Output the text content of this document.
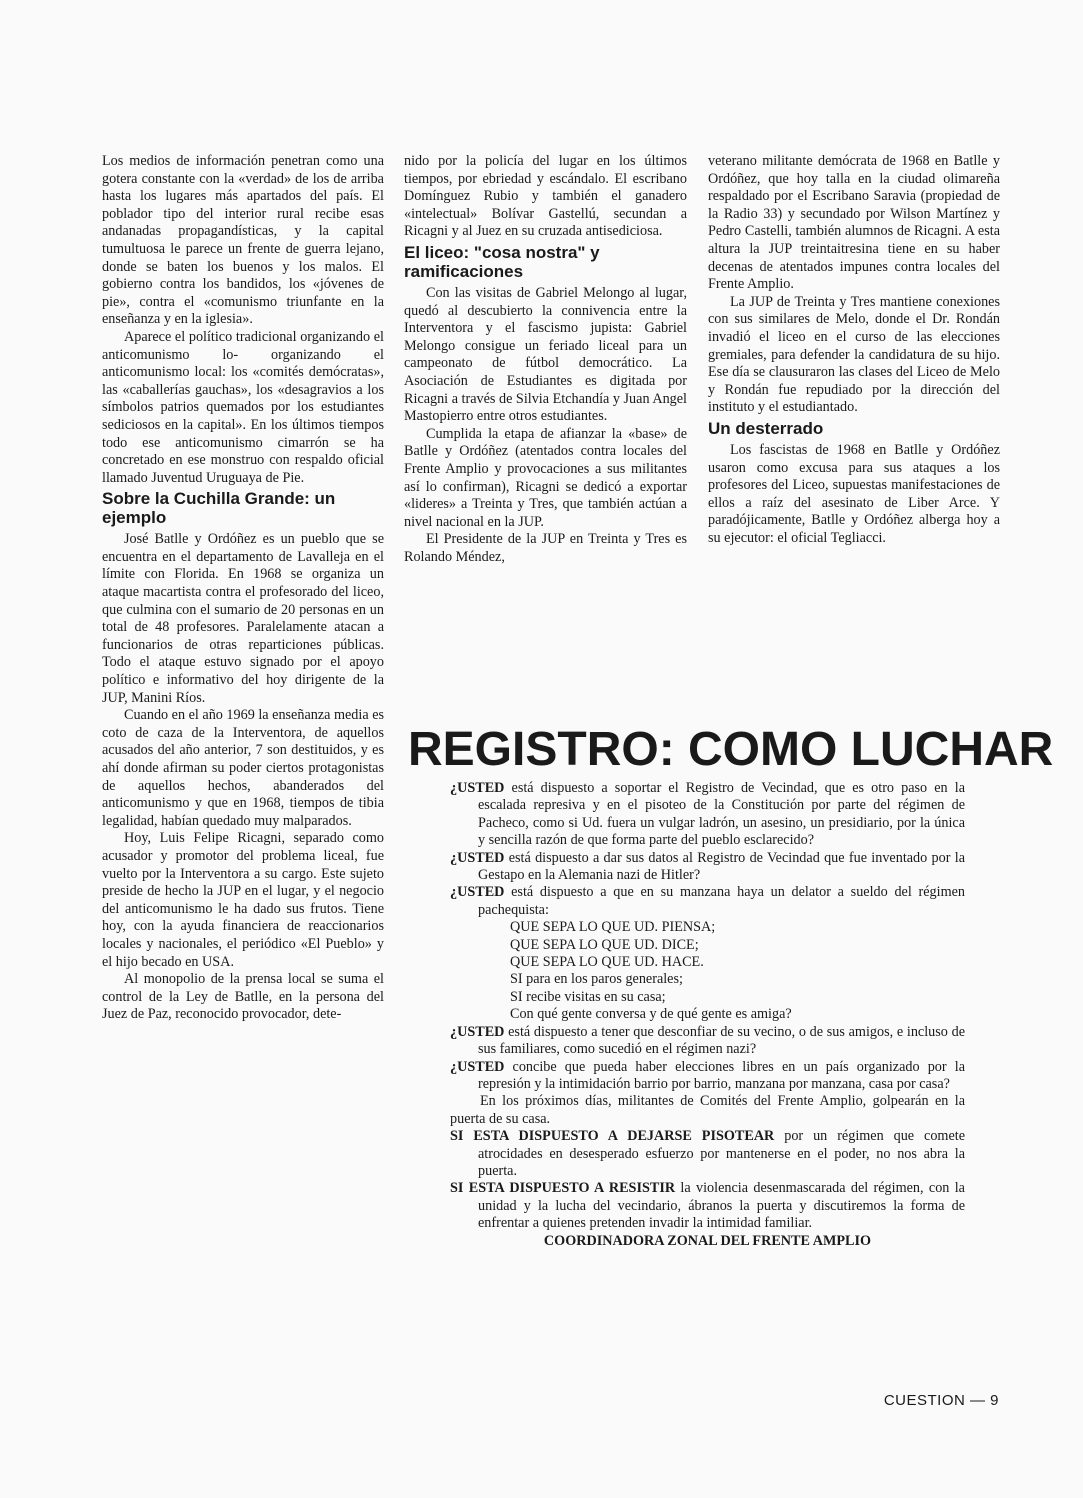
Los medios de información penetran como una gotera constante con la «verdad» de los de arriba hasta los lugares más apartados del país. El poblador tipo del interior rural recibe esas andanadas propagandísticas, y la capital tumultuosa le parece un frente de guerra lejano, donde se baten los buenos y los malos. El gobierno contra los bandidos, los «jóvenes de pie», contra el «comunismo triunfante en la enseñanza y en la iglesia».

Aparece el político tradicional organizando el anticomunismo lo- organizando el anticomunismo local: los «comités demócratas», las «caballerías gauchas», los «desagravios a los símbolos patrios quemados por los estudiantes sediciosos en la capital». En los últimos tiempos todo ese anticomunismo cimarrón se ha concretado en ese monstruo con respaldo oficial llamado Juventud Uruguaya de Pie.

Sobre la Cuchilla Grande: un ejemplo

José Batlle y Ordóñez es un pueblo que se encuentra en el departamento de Lavalleja en el límite con Florida. En 1968 se organiza un ataque macartista contra el profesorado del liceo, que culmina con el sumario de 20 personas en un total de 48 profesores. Paralelamente atacan a funcionarios de otras reparticiones públicas. Todo el ataque estuvo signado por el apoyo político e informativo del hoy dirigente de la JUP, Manini Ríos.

Cuando en el año 1969 la enseñanza media es coto de caza de la Interventora, de aquellos acusados del año anterior, 7 son destituidos, y es ahí donde afirman su poder ciertos protagonistas de aquellos hechos, abanderados del anticomunismo y que en 1968, tiempos de tibia legalidad, habían quedado muy malparados.

Hoy, Luis Felipe Ricagni, separado como acusador y promotor del problema liceal, fue vuelto por la Interventora a su cargo. Este sujeto preside de hecho la JUP en el lugar, y el negocio del anticomunismo le ha dado sus frutos. Tiene hoy, con la ayuda financiera de reaccionarios locales y nacionales, el periódico «El Pueblo» y el hijo becado en USA.

Al monopolio de la prensa local se suma el control de la Ley de Batlle, en la persona del Juez de Paz, reconocido provocador, dete-

nido por la policía del lugar en los últimos tiempos, por ebriedad y escándalo. El escribano Domínguez Rubio y también el ganadero «intelectual» Bolívar Gastellú, secundan a Ricagni y al Juez en su cruzada antisediciosa.

El liceo: "cosa nostra" y ramificaciones

Con las visitas de Gabriel Melongo al lugar, quedó al descubierto la connivencia entre la Interventora y el fascismo jupista: Gabriel Melongo consigue un feriado liceal para un campeonato de fútbol democrático. La Asociación de Estudiantes es digitada por Ricagni a través de Silvia Etchandía y Juan Angel Mastopierro entre otros estudiantes.

Cumplida la etapa de afianzar la «base» de Batlle y Ordóñez (atentados contra locales del Frente Amplio y provocaciones a sus militantes así lo confirman), Ricagni se dedicó a exportar «lideres» a Treinta y Tres, que también actúan a nivel nacional en la JUP.

El Presidente de la JUP en Treinta y Tres es Rolando Méndez,

veterano militante demócrata de 1968 en Batlle y Ordóñez, que hoy talla en la ciudad olimareña respaldado por el Escribano Saravia (propiedad de la Radio 33) y secundado por Wilson Martínez y Pedro Castelli, también alumnos de Ricagni. A esta altura la JUP treintaitresina tiene en su haber decenas de atentados impunes contra locales del Frente Amplio.

La JUP de Treinta y Tres mantiene conexiones con sus similares de Melo, donde el Dr. Rondán invadió el liceo en el curso de las elecciones gremiales, para defender la candidatura de su hijo. Ese día se clausuraron las clases del Liceo de Melo y Rondán fue repudiado por la dirección del instituto y el estudiantado.

Un desterrado

Los fascistas de 1968 en Batlle y Ordóñez usaron como excusa para sus ataques a los profesores del Liceo, supuestas manifestaciones de ellos a raíz del asesinato de Liber Arce. Y paradójicamente, Batlle y Ordóñez alberga hoy a su ejecutor: el oficial Tegliacci.

REGISTRO: COMO LUCHAR

¿USTED está dispuesto a soportar el Registro de Vecindad, que es otro paso en la escalada represiva y en el pisoteo de la Constitución por parte del régimen de Pacheco, como si Ud. fuera un vulgar ladrón, un asesino, un presidiario, por la única y sencilla razón de que forma parte del pueblo esclarecido?

¿USTED está dispuesto a dar sus datos al Registro de Vecindad que fue inventado por la Gestapo en la Alemania nazi de Hitler?

¿USTED está dispuesto a que en su manzana haya un delator a sueldo del régimen pachequista:

QUE SEPA LO QUE UD. PIENSA;

QUE SEPA LO QUE UD. DICE;

QUE SEPA LO QUE UD. HACE.

SI para en los paros generales;

SI recibe visitas en su casa;

Con qué gente conversa y de qué gente es amiga?

¿USTED está dispuesto a tener que desconfiar de su vecino, o de sus amigos, e incluso de sus familiares, como sucedió en el régimen nazi?

¿USTED concibe que pueda haber elecciones libres en un país organizado por la represión y la intimidación barrio por barrio, manzana por manzana, casa por casa?

En los próximos días, militantes de Comités del Frente Amplio, golpearán en la puerta de su casa.

SI ESTA DISPUESTO A DEJARSE PISOTEAR por un régimen que comete atrocidades en desesperado esfuerzo por mantenerse en el poder, no nos abra la puerta.

SI ESTA DISPUESTO A RESISTIR la violencia desenmascarada del régimen, con la unidad y la lucha del vecindario, ábranos la puerta y discutiremos la forma de enfrentar a quienes pretenden invadir la intimidad familiar.

COORDINADORA ZONAL DEL FRENTE AMPLIO

CUESTION — 9
